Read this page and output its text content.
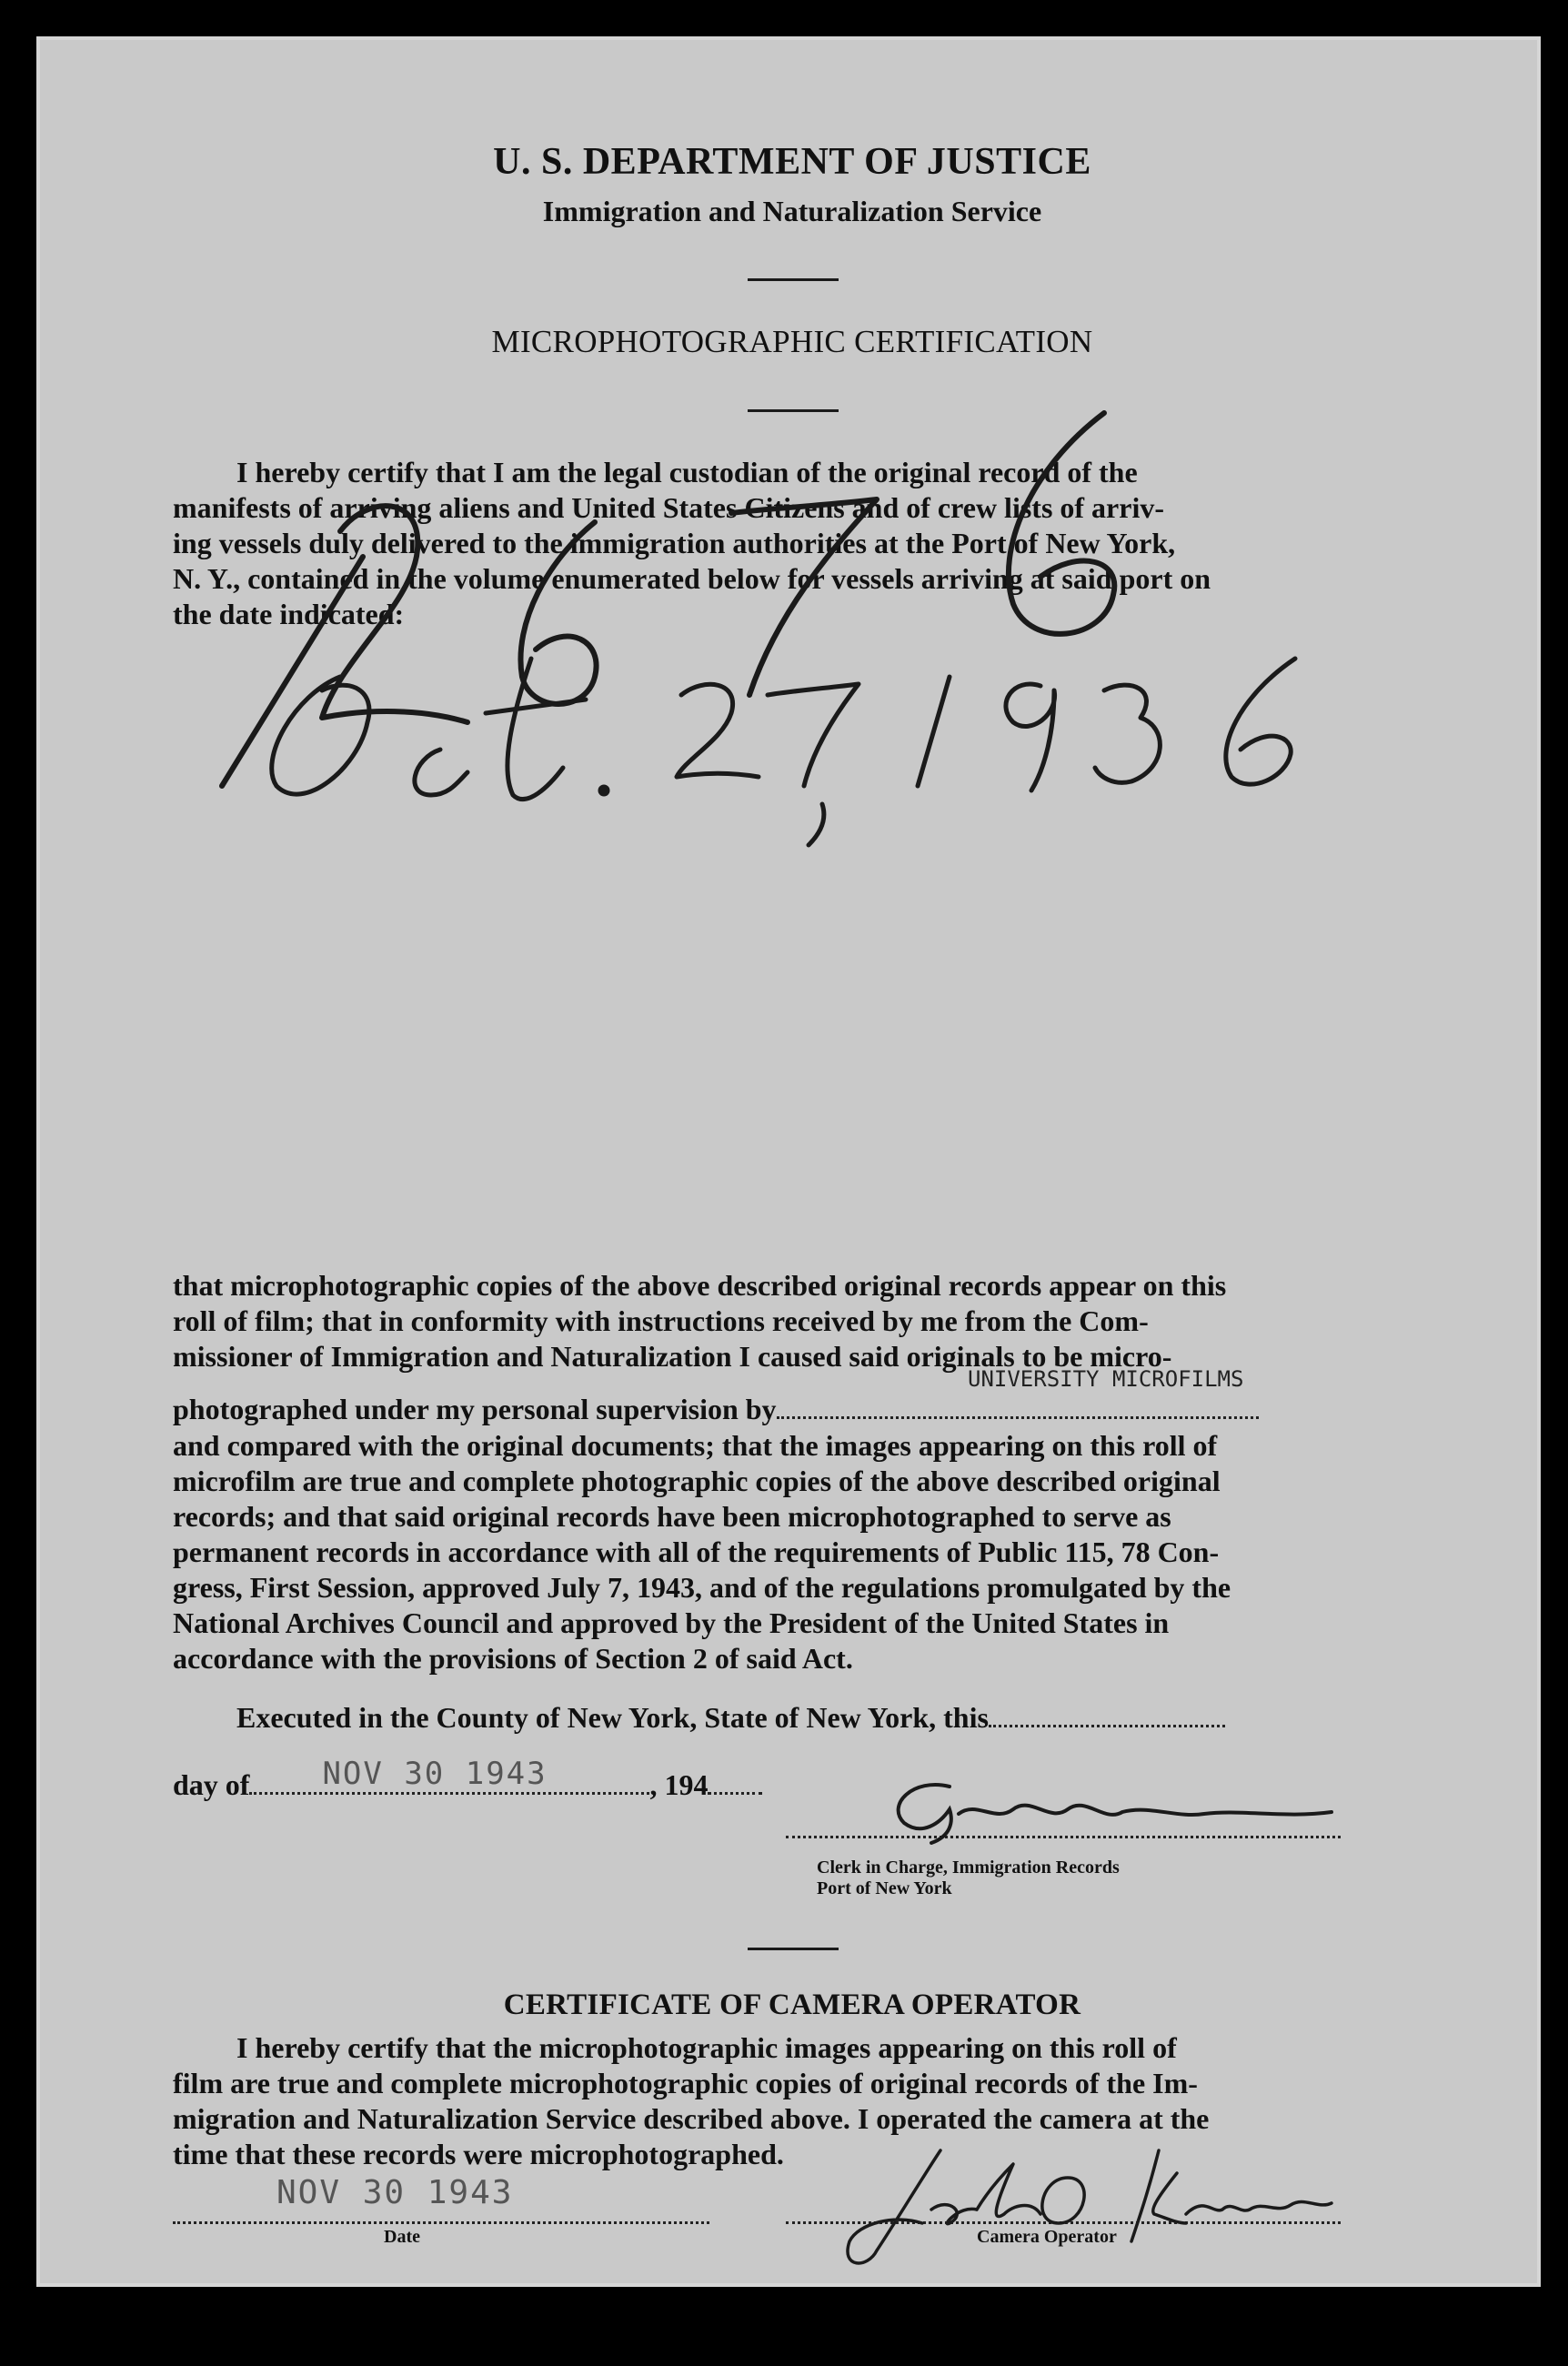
U. S. DEPARTMENT OF JUSTICE
Immigration and Naturalization Service
MICROPHOTOGRAPHIC CERTIFICATION
I hereby certify that I am the legal custodian of the original record of the
manifests of arriving aliens and United States Citizens and of crew lists of arriv-
ing vessels duly delivered to the immigration authorities at the Port of New York,
N. Y., contained in the volume enumerated below for vessels arriving at said port on
the date indicated:
that microphotographic copies of the above described original records appear on this
roll of film; that in conformity with instructions received by me from the Com-
missioner of Immigration and Naturalization I caused said originals to be micro-
UNIVERSITY MICROFILMS
photographed under my personal supervision by
and compared with the original documents; that the images appearing on this roll of
microfilm are true and complete photographic copies of the above described original
records; and that said original records have been microphotographed to serve as
permanent records in accordance with all of the requirements of Public 115, 78 Con-
gress, First Session, approved July 7, 1943, and of the regulations promulgated by the
National Archives Council and approved by the President of the United States in
accordance with the provisions of Section 2 of said Act.
Executed in the County of New York, State of New York, this
day of NOV 30 1943	, 194
Clerk in Charge, Immigration Records
Port of New York
CERTIFICATE OF CAMERA OPERATOR
I hereby certify that the microphotographic images appearing on this roll of
film are true and complete microphotographic copies of original records of the Im-
migration and Naturalization Service described above. I operated the camera at the
time that these records were microphotographed.
NOV 30 1943
Date	Camera Operator
